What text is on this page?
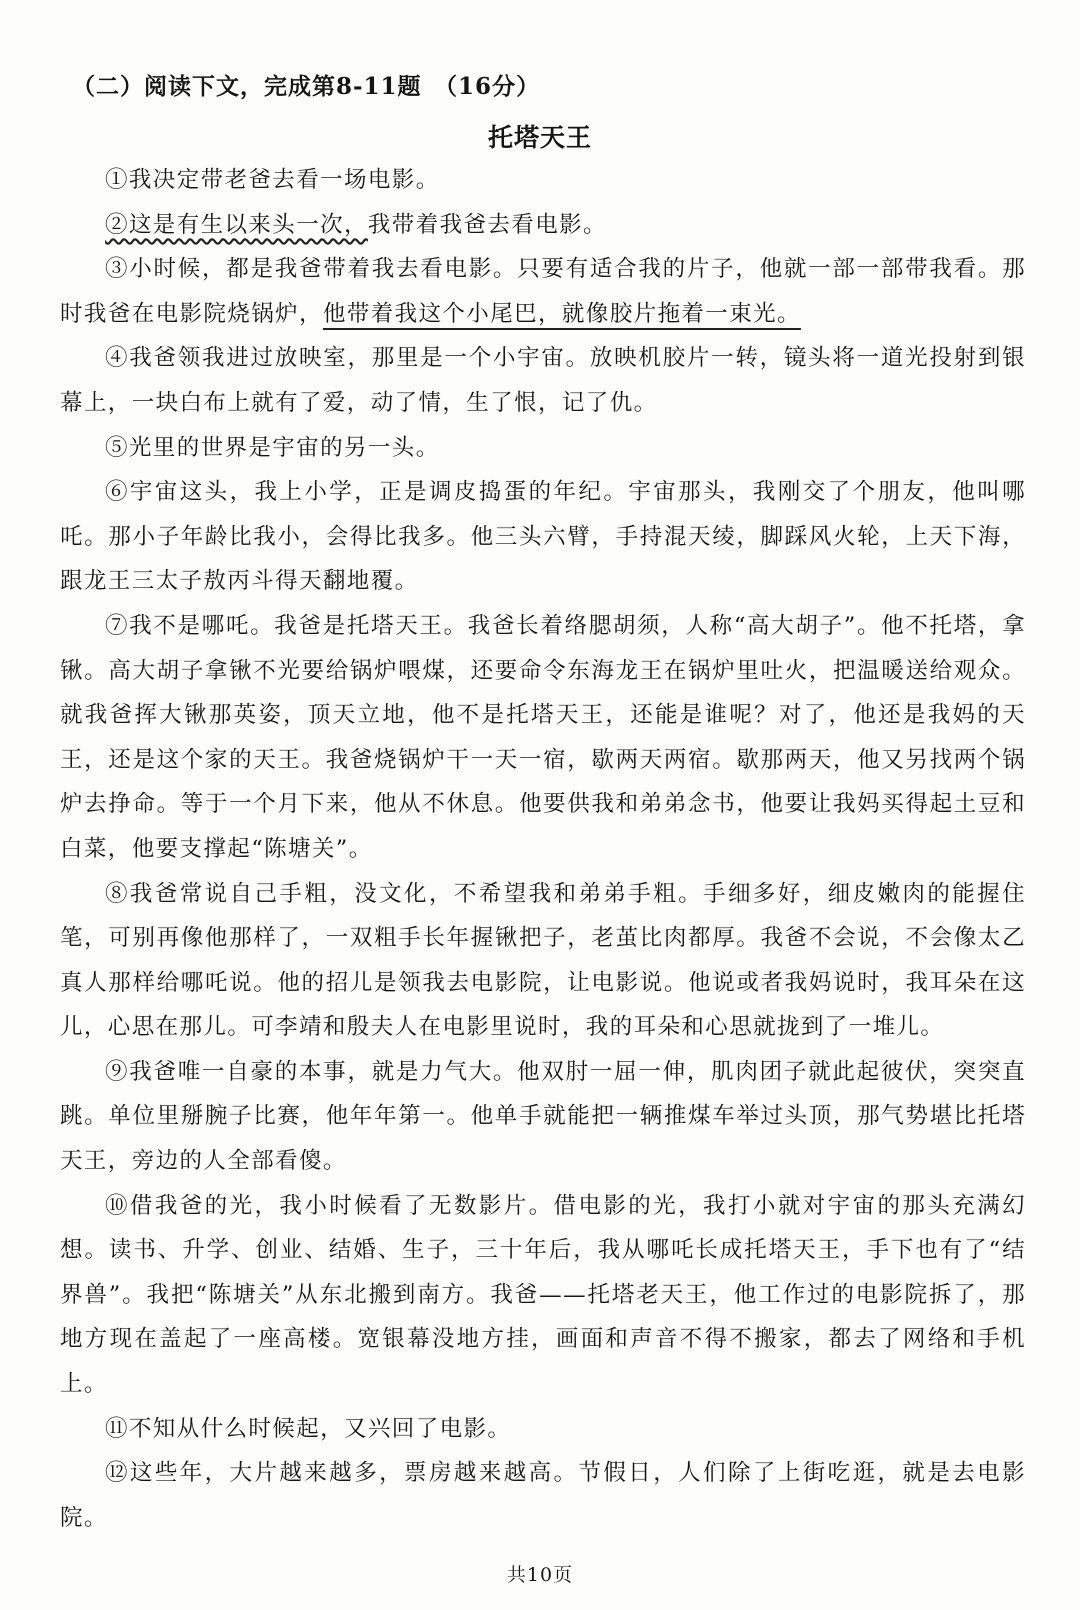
（二）阅读下文，完成第8-11题　（16分）
托塔天王

①我决定带老爸去看一场电影。

②这是有生以来头一次，我带着我爸去看电影。

③小时候，都是我爸带着我去看电影。只要有适合我的片子，他就一部一部带我看。那时我爸在电影院烧锅炉，他带着我这个小尾巴，就像胶片拖着一束光。

④我爸领我进过放映室，那里是一个小宇宙。放映机胶片一转，镜头将一道光投射到银幕上，一块白布上就有了爱，动了情，生了恨，记了仇。

⑤光里的世界是宇宙的另一头。

⑥宇宙这头，我上小学，正是调皮捣蛋的年纪。宇宙那头，我刚交了个朋友，他叫哪吒。那小子年龄比我小，会得比我多。他三头六臂，手持混天绫，脚踩风火轮，上天下海，跟龙王三太子敖丙斗得天翻地覆。

⑦我不是哪吒。我爸是托塔天王。我爸长着络腮胡须，人称“高大胡子”。他不托塔，拿锹。高大胡子拿锹不光要给锅炉喂煤，还要命令东海龙王在锅炉里吐火，把温暖送给观众。就我爸挥大锹那英姿，顶天立地，他不是托塔天王，还能是谁呢？对了，他还是我妈的天王，还是这个家的天王。我爸烧锅炉干一天一宿，歇两天两宿。歇那两天，他又另找两个锅炉去挣命。等于一个月下来，他从不休息。他要供我和弟弟念书，他要让我妈买得起土豆和白菜，他要支撑起“陈塘关”。

⑧我爸常说自己手粗，没文化，不希望我和弟弟手粗。手细多好，细皮嫩肉的能握住笔，可别再像他那样了，一双粗手长年握锹把子，老茧比肉都厚。我爸不会说，不会像太乙真人那样给哪吒说。他的招儿是领我去电影院，让电影说。他说或者我妈说时，我耳朵在这儿，心思在那儿。可李靖和殷夫人在电影里说时，我的耳朵和心思就拢到了一堆儿。

⑨我爸唯一自豪的本事，就是力气大。他双肘一屈一伸，肌肉团子就此起彼伏，突突直跳。单位里掰腕子比赛，他年年第一。他单手就能把一辆推煤车举过头顶，那气势堪比托塔天王，旁边的人全部看傻。

⑩借我爸的光，我小时候看了无数影片。借电影的光，我打小就对宇宙的那头充满幻想。读书、升学、创业、结婚、生子，三十年后，我从哪吒长成托塔天王，手下也有了“结界兽”。我把“陈塘关”从东北搬到南方。我爸——托塔老天王，他工作过的电影院拆了，那地方现在盖起了一座高楼。宽银幕没地方挂，画面和声音不得不搬家，都去了网络和手机上。

⑪不知从什么时候起，又兴回了电影。

⑫这些年，大片越来越多，票房越来越高。节假日，人们除了上街吃逛，就是去电影院。

共10页
